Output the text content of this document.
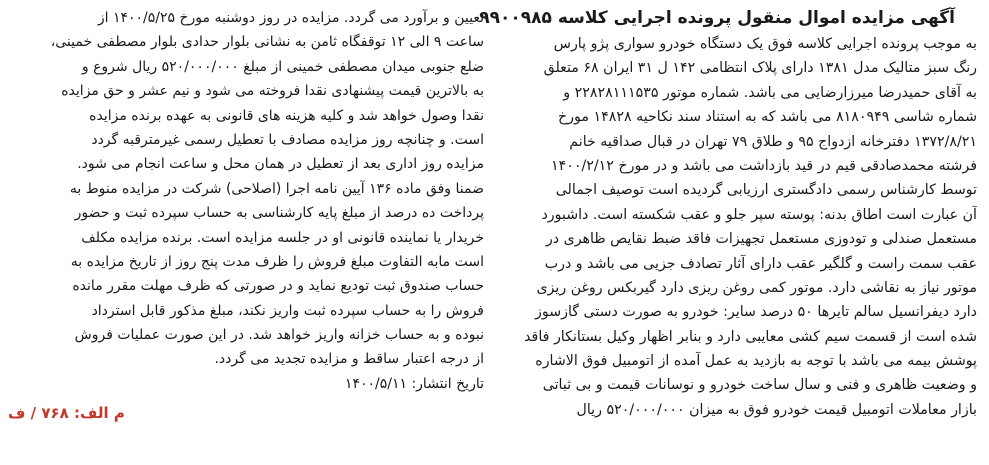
آگهی مزایده اموال منقول پرونده اجرایی کلاسه ۹۹۰۰۹۸۵
به موجب پرونده اجرایی کلاسه فوق یک دستگاه خودرو سواری پژو پارس
رنگ سبز متالیک مدل ۱۳۸۱ دارای پلاک انتظامی ۱۴۲ ل ۳۱ ایران ۶۸ متعلق
به آقای حمیدرضا میرزارضایی می باشد. شماره موتور ۲۲۸۲۸۱۱۱۵۳۵ و
شماره شاسی ۸۱۸۰۹۴۹ می باشد که به استناد سند نکاحیه ۱۴۸۲۸ مورخ
۱۳۷۲/۸/۲۱ دفترخانه ازدواج ۹۵ و طلاق ۷۹ تهران در قبال صداقیه خانم
فرشته محمدصادقی قیم در قید بازداشت می باشد و در مورخ ۱۴۰۰/۲/۱۲
توسط کارشناس رسمی دادگستری ارزیابی گردیده است توصیف اجمالی
آن عبارت است اطاق بدنه: پوسته سپر جلو و عقب شکسته است. داشبورد
مستعمل صندلی و تودوزی مستعمل تجهیزات فاقد ضبط نقایص ظاهری در
عقب سمت راست و گلگیر عقب دارای آثار تصادف جزیی می باشد و درب
موتور نیاز به نقاشی دارد. موتور کمی روغن ریزی دارد گیربکس روغن ریزی
دارد دیفرانسیل سالم تایرها ۵۰ درصد سایر: خودرو به صورت دستی گازسوز
شده است از قسمت سیم کشی معایبی دارد و بنابر اظهار وکیل بستانکار فاقد
پوشش بیمه می باشد با توجه به بازدید به عمل آمده از اتومبیل فوق الاشاره
و وضعیت ظاهری و فنی و سال ساخت خودرو و نوسانات قیمت و بی ثباتی
بازار معاملات اتومبیل قیمت خودرو فوق به میزان ۵۲۰/۰۰۰/۰۰۰ ریال
تعیین و برآورد می گردد. مزایده در روز دوشنبه مورخ ۱۴۰۰/۵/۲۵ از
ساعت ۹ الی ۱۲ توقفگاه ثامن به نشانی بلوار حدادی بلوار مصطفی خمینی،
ضلع جنوبی میدان مصطفی خمینی از مبلغ ۵۲۰/۰۰۰/۰۰۰ ریال شروع و
به بالاترین قیمت پیشنهادی نقدا فروخته می شود و نیم عشر و حق مزایده
نقدا وصول خواهد شد و کلیه هزینه های قانونی به عهده برنده مزایده
است. و چنانچه روز مزایده مصادف با تعطیل رسمی غیرمترقبه گردد
مزایده روز اداری بعد از تعطیل در همان محل و ساعت انجام می شود.
ضمنا وفق ماده ۱۳۶ آیین نامه اجرا (اصلاحی) شرکت در مزایده منوط به
پرداخت ده درصد از مبلغ پایه کارشناسی به حساب سپرده ثبت و حضور
خریدار یا نماینده قانونی او در جلسه مزایده است. برنده مزایده مکلف
است مابه التفاوت مبلغ فروش را ظرف مدت پنج روز از تاریخ مزایده به
حساب صندوق ثبت تودیع نماید و در صورتی که ظرف مهلت مقرر مانده
فروش را به حساب سپرده ثبت واریز نکند، مبلغ مذکور قابل استرداد
نبوده و به حساب خزانه واریز خواهد شد. در این صورت عملیات فروش
از درجه اعتبار ساقط و مزایده تجدید می گردد.
تاریخ انتشار: ۱۴۰۰/۵/۱۱
م الف: ۷۶۸ / ف
